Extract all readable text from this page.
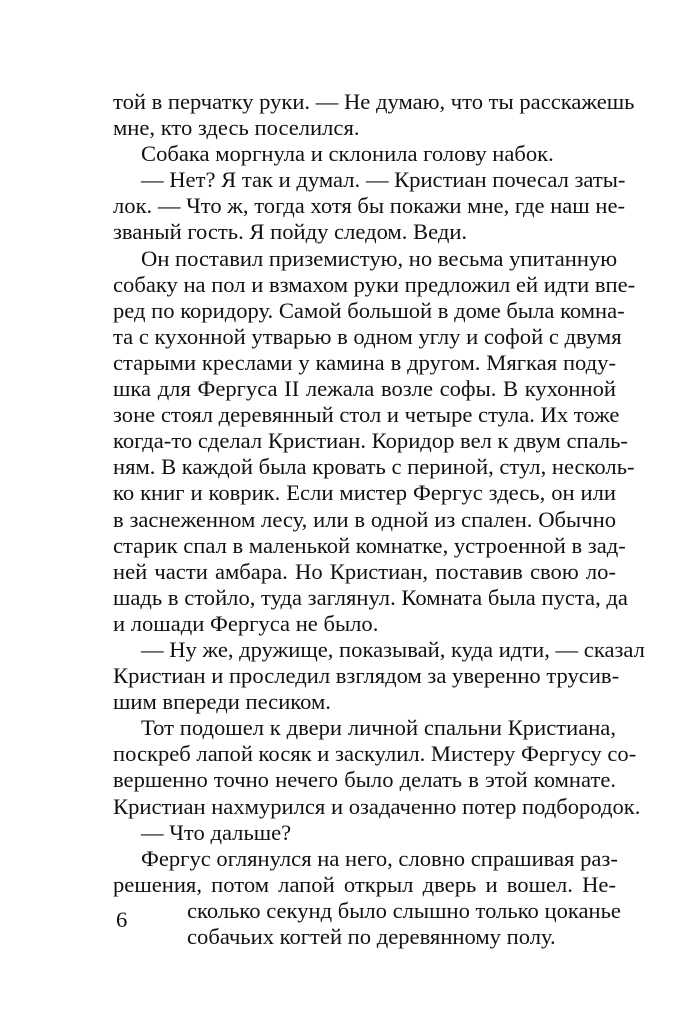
той в перчатку руки. — Не думаю, что ты расскажешь
мне, кто здесь поселился.
Собака моргнула и склонила голову набок.
— Нет? Я так и думал. — Кристиан почесал заты-
лок. — Что ж, тогда хотя бы покажи мне, где наш не-
званый гость. Я пойду следом. Веди.
Он поставил приземистую, но весьма упитанную
собаку на пол и взмахом руки предложил ей идти впе-
ред по коридору. Самой большой в доме была комна-
та с кухонной утварью в одном углу и софой с двумя
старыми креслами у камина в другом. Мягкая поду-
шка для Фергуса II лежала возле софы. В кухонной
зоне стоял деревянный стол и четыре стула. Их тоже
когда-то сделал Кристиан. Коридор вел к двум спаль-
ням. В каждой была кровать с периной, стул, несколь-
ко книг и коврик. Если мистер Фергус здесь, он или
в заснеженном лесу, или в одной из спален. Обычно
старик спал в маленькой комнатке, устроенной в зад-
ней части амбара. Но Кристиан, поставив свою ло-
шадь в стойло, туда заглянул. Комната была пуста, да
и лошади Фергуса не было.
— Ну же, дружище, показывай, куда идти, — сказал
Кристиан и проследил взглядом за уверенно трусив-
шим впереди песиком.
Тот подошел к двери личной спальни Кристиана,
поскреб лапой косяк и заскулил. Мистеру Фергусу со-
вершенно точно нечего было делать в этой комнате.
Кристиан нахмурился и озадаченно потер подбородок.
— Что дальше?
Фергус оглянулся на него, словно спрашивая раз-
решения, потом лапой открыл дверь и вошел. Не-
сколько секунд было слышно только цоканье
собачьих когтей по деревянному полу.
6
